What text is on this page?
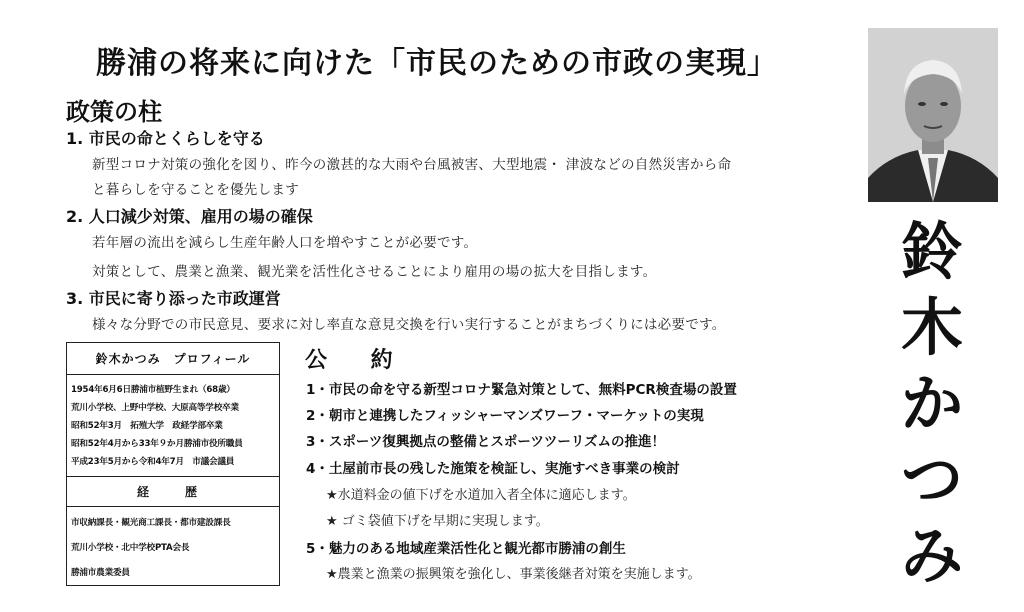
勝浦の将来に向けた「市民のための市政の実現」
政策の柱
1. 市民の命とくらしを守る
新型コロナ対策の強化を図り、昨今の激甚的な大雨や台風被害、大型地震・ 津波などの自然災害から命
と暮らしを守ることを優先します
2. 人口減少対策、雇用の場の確保
若年層の流出を減らし生産年齢人口を増やすことが必要です。
対策として、農業と漁業、観光業を活性化させることにより雇用の場の拡大を目指します。
3. 市民に寄り添った市政運営
様々な分野での市民意見、要求に対し率直な意見交換を行い実行することがまちづくりには必要です。
鈴木かつみ　プロフィール
1954年6月6日勝浦市植野生まれ（68歳）
荒川小学校、上野中学校、大原高等学校卒業
昭和52年3月　拓殖大学　政経学部卒業
昭和52年4月から33年９か月勝浦市役所職員
平成23年5月から令和4年7月　市議会議員
経　歴
市収納課長・観光商工課長・都市建設課長
荒川小学校・北中学校PTA会長
勝浦市農業委員
公 約
1・市民の命を守る新型コロナ緊急対策として、無料PCR検査場の設置
2・朝市と連携したフィッシャーマンズワーフ・マーケットの実現
3・スポーツ復興拠点の整備とスポーツツーリズムの推進！
4・土屋前市長の残した施策を検証し、実施すべき事業の検討
★水道料金の値下げを水道加入者全体に適応します。
★ ゴミ袋値下げを早期に実現します。
5・魅力のある地域産業活性化と観光都市勝浦の創生
★農業と漁業の振興策を強化し、事業後継者対策を実施します。
鈴
木
か
つ
み
